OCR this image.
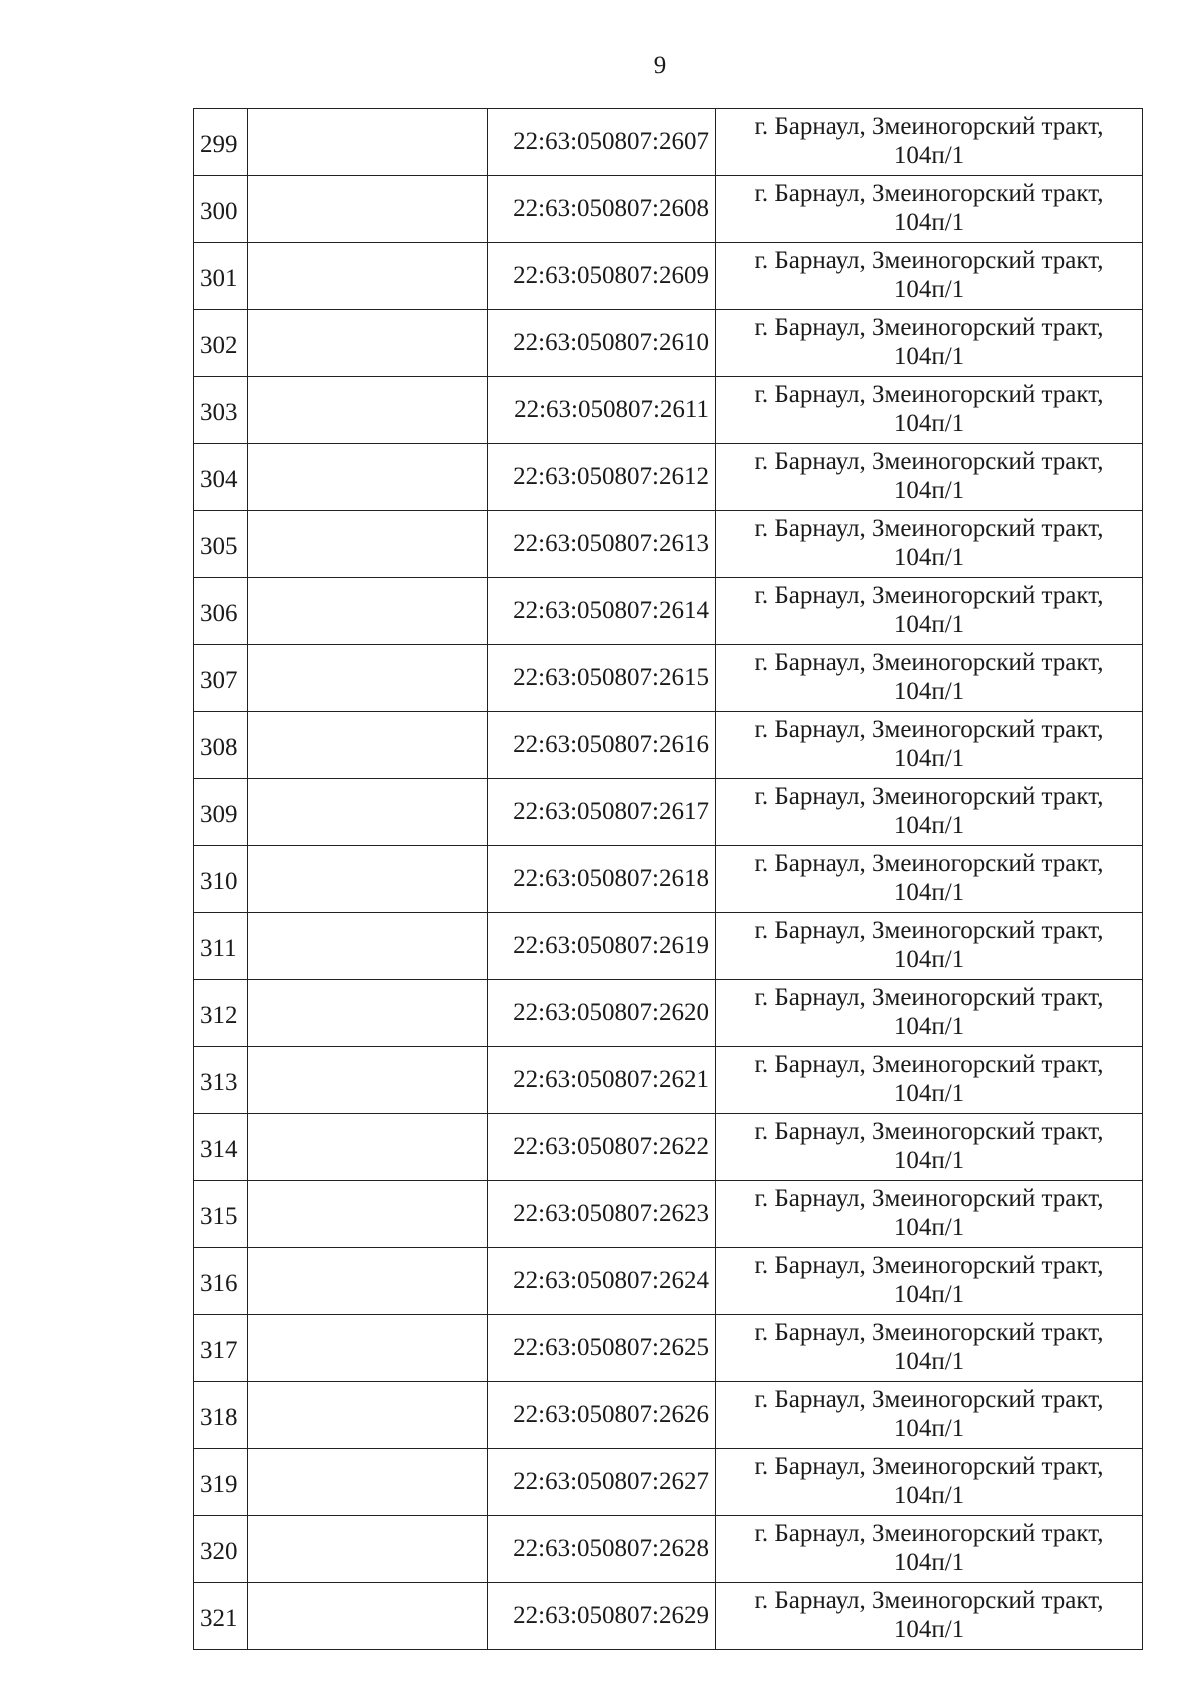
9
299		22:63:050807:2607	г. Барнаул, Змеиногорский тракт,
104п/1

300		22:63:050807:2608	г. Барнаул, Змеиногорский тракт,
104п/1

301		22:63:050807:2609	г. Барнаул, Змеиногорский тракт,
104п/1

302		22:63:050807:2610	г. Барнаул, Змеиногорский тракт,
104п/1

303		22:63:050807:2611	г. Барнаул, Змеиногорский тракт,
104п/1

304		22:63:050807:2612	г. Барнаул, Змеиногорский тракт,
104п/1

305		22:63:050807:2613	г. Барнаул, Змеиногорский тракт,
104п/1

306		22:63:050807:2614	г. Барнаул, Змеиногорский тракт,
104п/1

307		22:63:050807:2615	г. Барнаул, Змеиногорский тракт,
104п/1

308		22:63:050807:2616	г. Барнаул, Змеиногорский тракт,
104п/1

309		22:63:050807:2617	г. Барнаул, Змеиногорский тракт,
104п/1

310		22:63:050807:2618	г. Барнаул, Змеиногорский тракт,
104п/1

311		22:63:050807:2619	г. Барнаул, Змеиногорский тракт,
104п/1

312		22:63:050807:2620	г. Барнаул, Змеиногорский тракт,
104п/1

313		22:63:050807:2621	г. Барнаул, Змеиногорский тракт,
104п/1

314		22:63:050807:2622	г. Барнаул, Змеиногорский тракт,
104п/1

315		22:63:050807:2623	г. Барнаул, Змеиногорский тракт,
104п/1

316		22:63:050807:2624	г. Барнаул, Змеиногорский тракт,
104п/1

317		22:63:050807:2625	г. Барнаул, Змеиногорский тракт,
104п/1

318		22:63:050807:2626	г. Барнаул, Змеиногорский тракт,
104п/1

319		22:63:050807:2627	г. Барнаул, Змеиногорский тракт,
104п/1

320		22:63:050807:2628	г. Барнаул, Змеиногорский тракт,
104п/1

321		22:63:050807:2629	г. Барнаул, Змеиногорский тракт,
104п/1
